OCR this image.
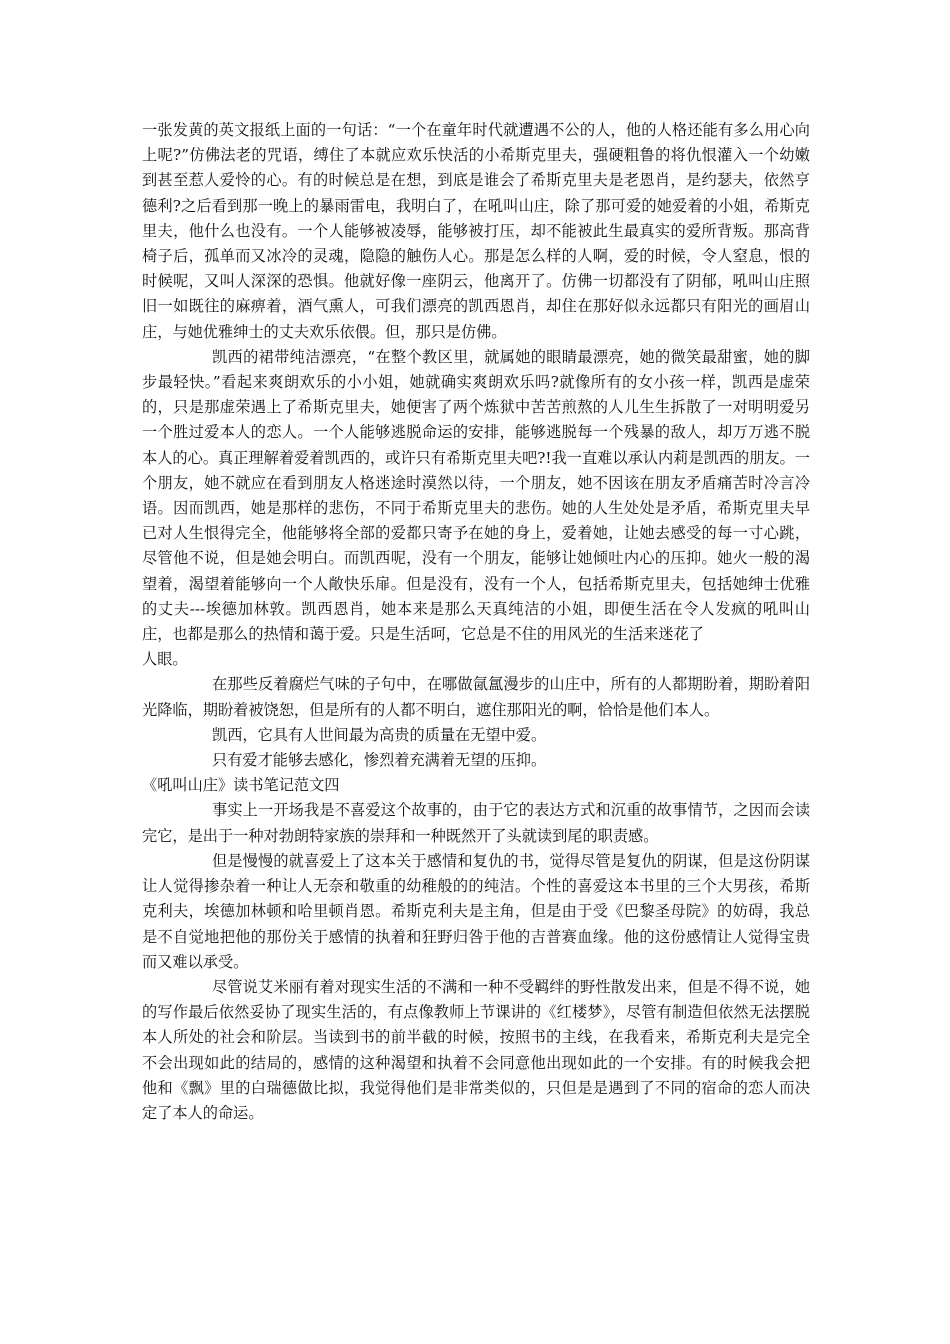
一张发黄的英文报纸上面的一句话：“一个在童年时代就遭遇不公的人，他的人格还能有多么用心向上呢?”仿佛法老的咒语，缚住了本就应欢乐快活的小希斯克里夫，强硬粗鲁的将仇恨灌入一个幼嫩到甚至惹人爱怜的心。有的时候总是在想，到底是谁会了希斯克里夫是老恩肖，是约瑟夫，依然亨德利?之后看到那一晚上的暴雨雷电，我明白了，在吼叫山庄，除了那可爱的她爱着的小姐，希斯克里夫，他什么也没有。一个人能够被凌辱，能够被打压，却不能被此生最真实的爱所背叛。那高背椅子后，孤单而又冰冷的灵魂，隐隐的触伤人心。那是怎么样的人啊，爱的时候，令人窒息，恨的时候呢，又叫人深深的恐惧。他就好像一座阴云，他离开了。仿佛一切都没有了阴郁，吼叫山庄照旧一如既往的麻痹着，酒气熏人，可我们漂亮的凯西恩肖，却住在那好似永远都只有阳光的画眉山庄，与她优雅绅士的丈夫欢乐依偎。但，那只是仿佛。

凯西的裙带纯洁漂亮，“在整个教区里，就属她的眼睛最漂亮，她的微笑最甜蜜，她的脚步最轻快。”看起来爽朗欢乐的小小姐，她就确实爽朗欢乐吗?就像所有的女小孩一样，凯西是虚荣的，只是那虚荣遇上了希斯克里夫，她便害了两个炼狱中苦苦煎熬的人儿生生拆散了一对明明爱另一个胜过爱本人的恋人。一个人能够逃脱命运的安排，能够逃脱每一个残暴的敌人，却万万逃不脱本人的心。真正理解着爱着凯西的，或许只有希斯克里夫吧?!我一直难以承认内莉是凯西的朋友。一个朋友，她不就应在看到朋友人格迷途时漠然以待，一个朋友，她不因该在朋友矛盾痛苦时冷言冷语。因而凯西，她是那样的悲伤，不同于希斯克里夫的悲伤。她的人生处处是矛盾，希斯克里夫早已对人生恨得完全，他能够将全部的爱都只寄予在她的身上，爱着她，让她去感受的每一寸心跳，尽管他不说，但是她会明白。而凯西呢，没有一个朋友，能够让她倾吐内心的压抑。她火一般的渴望着，渴望着能够向一个人敞快乐扉。但是没有，没有一个人，包括希斯克里夫，包括她绅士优雅的丈夫---埃德加林敦。凯西恩肖，她本来是那么天真纯洁的小姐，即便生活在令人发疯的吼叫山庄，也都是那么的热情和蔼于爱。只是生活呵，它总是不住的用风光的生活来迷花了

人眼。

在那些反着腐烂气味的子句中，在哪做氤氲漫步的山庄中，所有的人都期盼着，期盼着阳光降临，期盼着被饶恕，但是所有的人都不明白，遮住那阳光的啊，恰恰是他们本人。

凯西，它具有人世间最为高贵的质量在无望中爱。

只有爱才能够去感化，惨烈着充满着无望的压抑。

《吼叫山庄》读书笔记范文四

事实上一开场我是不喜爱这个故事的，由于它的表达方式和沉重的故事情节，之因而会读完它，是出于一种对勃朗特家族的崇拜和一种既然开了头就读到尾的职责感。

但是慢慢的就喜爱上了这本关于感情和复仇的书，觉得尽管是复仇的阴谋，但是这份阴谋让人觉得掺杂着一种让人无奈和敬重的幼稚般的的纯洁。个性的喜爱这本书里的三个大男孩，希斯克利夫，埃德加林顿和哈里顿肖恩。希斯克利夫是主角，但是由于受《巴黎圣母院》的妨碍，我总是不自觉地把他的那份关于感情的执着和狂野归咎于他的吉普赛血缘。他的这份感情让人觉得宝贵而又难以承受。

尽管说艾米丽有着对现实生活的不满和一种不受羁绊的野性散发出来，但是不得不说，她的写作最后依然妥协了现实生活的，有点像教师上节课讲的《红楼梦》，尽管有制造但依然无法摆脱本人所处的社会和阶层。当读到书的前半截的时候，按照书的主线，在我看来，希斯克利夫是完全不会出现如此的结局的，感情的这种渴望和执着不会同意他出现如此的一个安排。有的时候我会把他和《飘》里的白瑞德做比拟，我觉得他们是非常类似的，只但是是遇到了不同的宿命的恋人而决定了本人的命运。
